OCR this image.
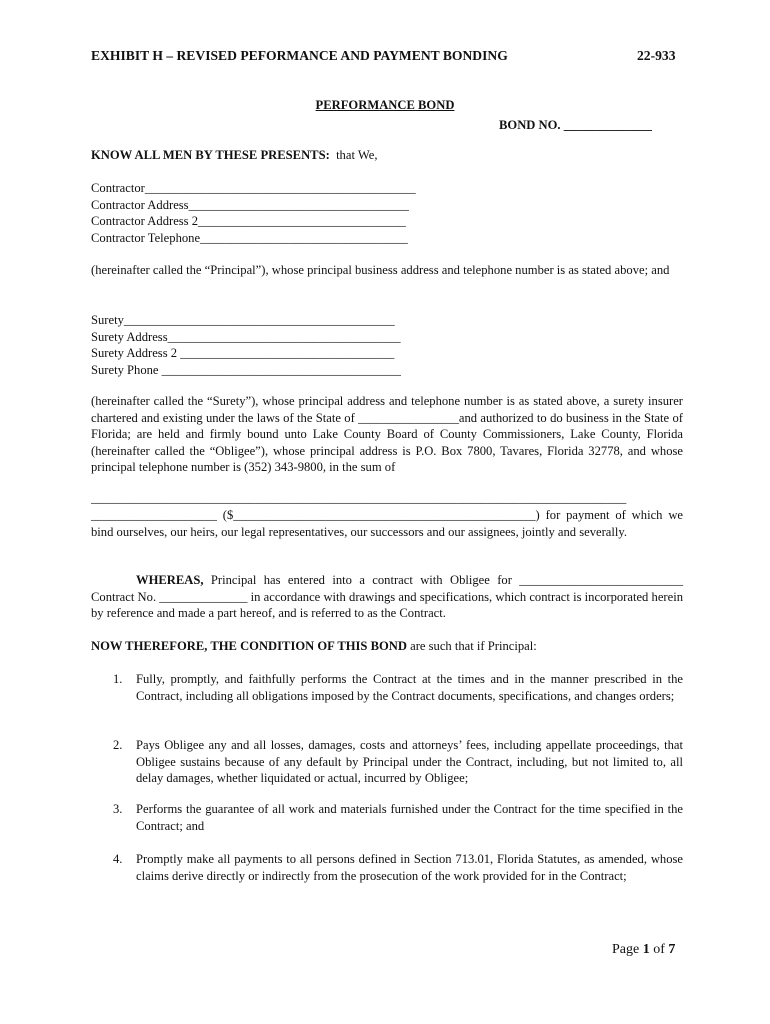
EXHIBIT H – REVISED PEFORMANCE AND PAYMENT BONDING	22-933
PERFORMANCE BOND
BOND NO. ______________
KNOW ALL MEN BY THESE PRESENTS:  that We,
Contractor___________________________________________
Contractor Address___________________________________
Contractor Address 2_________________________________
Contractor Telephone_________________________________
(hereinafter called the “Principal”), whose principal business address and telephone number is as stated above; and
Surety___________________________________________
Surety Address_____________________________________
Surety Address 2 __________________________________
Surety Phone ______________________________________
(hereinafter called the “Surety”), whose principal address and telephone number is as stated above, a surety insurer chartered and existing under the laws of the State of ________________and authorized to do business in the State of Florida; are held and firmly bound unto Lake County Board of County Commissioners, Lake County, Florida (hereinafter called the “Obligee”), whose principal address is P.O. Box 7800, Tavares, Florida 32778, and whose principal telephone number is (352) 343-9800, in the sum of
_____________________________________________________________________________________
____________________ ($________________________________________________) for payment of which we bind ourselves, our heirs, our legal representatives, our successors and our assignees, jointly and severally.
WHEREAS, Principal has entered into a contract with Obligee for __________________________ Contract No. ______________ in accordance with drawings and specifications, which contract is incorporated herein by reference and made a part hereof, and is referred to as the Contract.
NOW THEREFORE, THE CONDITION OF THIS BOND are such that if Principal:
1.	Fully, promptly, and faithfully performs the Contract at the times and in the manner prescribed in the Contract, including all obligations imposed by the Contract documents, specifications, and changes orders;
2.	Pays Obligee any and all losses, damages, costs and attorneys’ fees, including appellate proceedings, that Obligee sustains because of any default by Principal under the Contract, including, but not limited to, all delay damages, whether liquidated or actual, incurred by Obligee;
3.	Performs the guarantee of all work and materials furnished under the Contract for the time specified in the Contract; and
4.	Promptly make all payments to all persons defined in Section 713.01, Florida Statutes, as amended, whose claims derive directly or indirectly from the prosecution of the work provided for in the Contract;
Page 1 of 7
